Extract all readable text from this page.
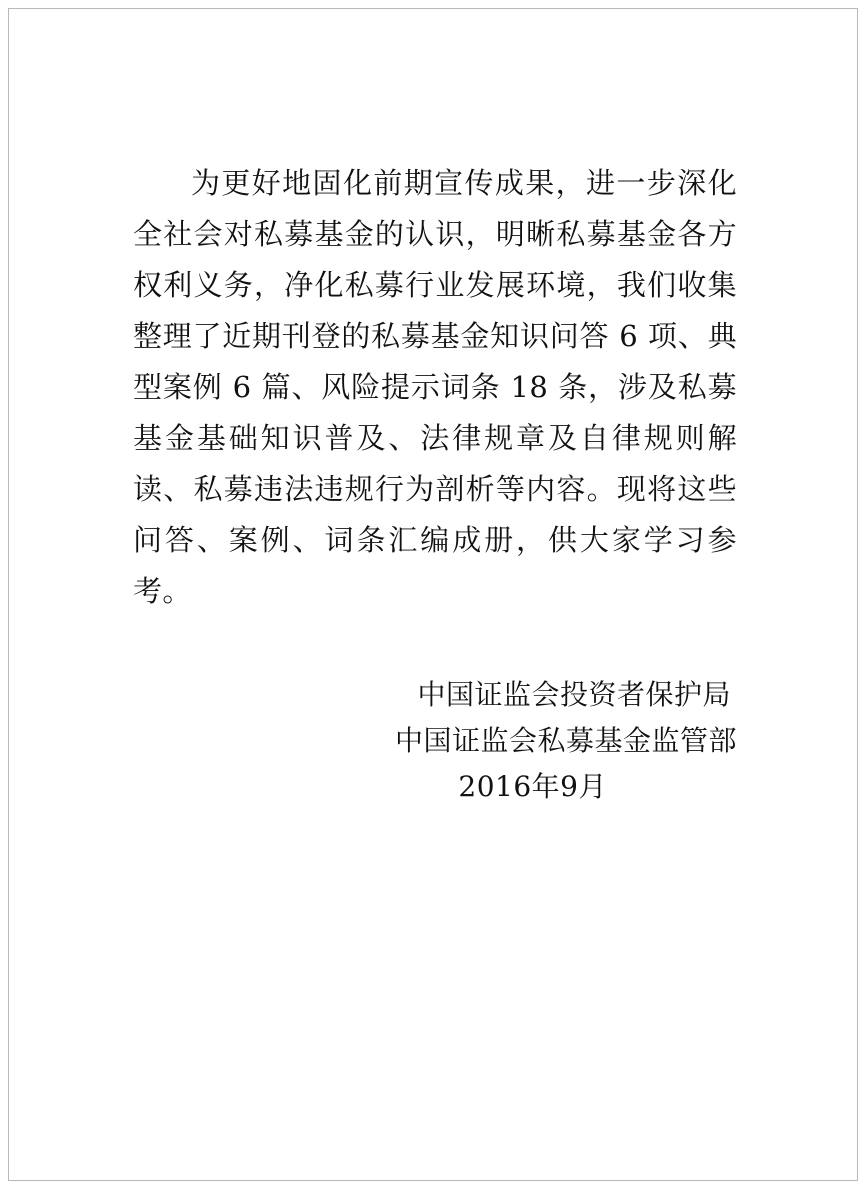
为更好地固化前期宣传成果，进一步深化全社会对私募基金的认识，明晰私募基金各方权利义务，净化私募行业发展环境，我们收集整理了近期刊登的私募基金知识问答 6 项、典型案例 6 篇、风险提示词条 18 条，涉及私募基金基础知识普及、法律规章及自律规则解读、私募违法违规行为剖析等内容。现将这些问答、案例、词条汇编成册，供大家学习参考。

中国证监会投资者保护局

中国证监会私募基金监管部

2016年9月
